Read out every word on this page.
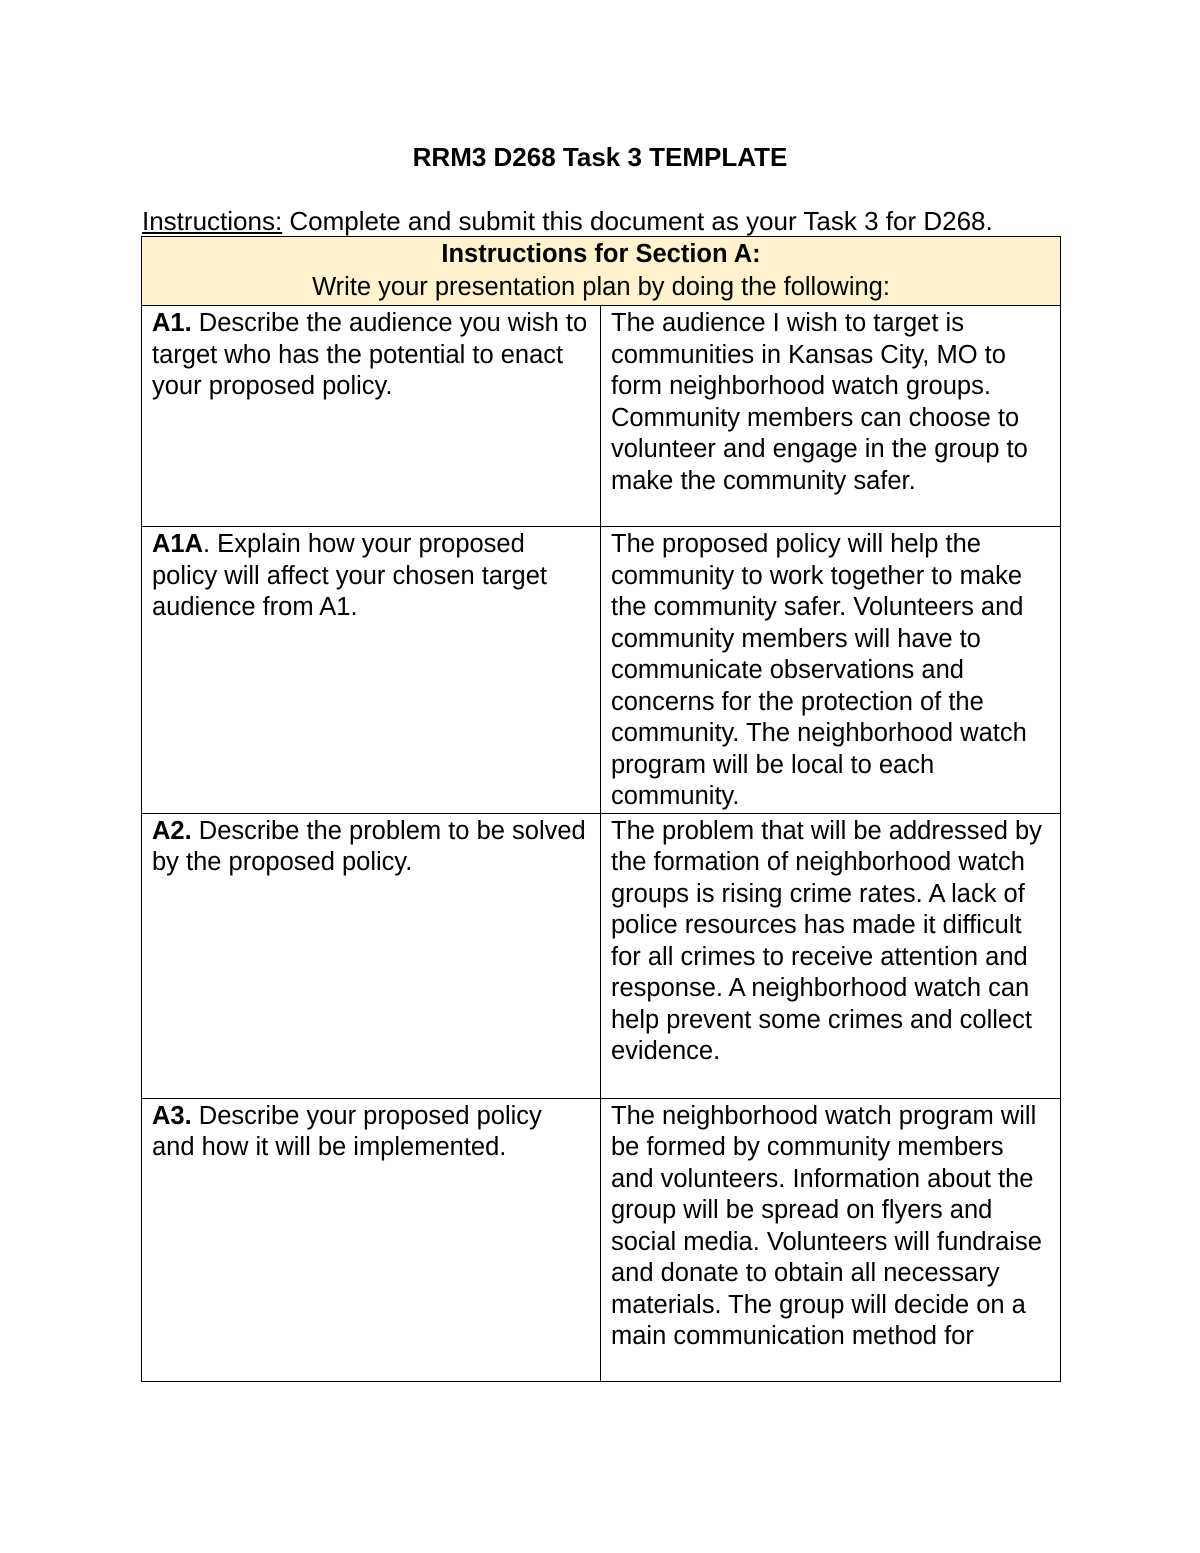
RRM3 D268 Task 3 TEMPLATE
Instructions: Complete and submit this document as your Task 3 for D268.
Instructions for Section A:
Write your presentation plan by doing the following:	

A1. Describe the audience you wish to target who has the potential to enact your proposed policy.	The audience I wish to target is communities in Kansas City, MO to form neighborhood watch groups. Community members can choose to volunteer and engage in the group to make the community safer.
A1A. Explain how your proposed policy will affect your chosen target audience from A1.	The proposed policy will help the community to work together to make the community safer. Volunteers and community members will have to communicate observations and concerns for the protection of the community. The neighborhood watch program will be local to each community.
A2. Describe the problem to be solved by the proposed policy.	The problem that will be addressed by the formation of neighborhood watch groups is rising crime rates. A lack of police resources has made it difficult for all crimes to receive attention and response. A neighborhood watch can help prevent some crimes and collect evidence.
A3. Describe your proposed policy and how it will be implemented.	The neighborhood watch program will be formed by community members and volunteers. Information about the group will be spread on flyers and social media. Volunteers will fundraise and donate to obtain all necessary materials. The group will decide on a main communication method for
